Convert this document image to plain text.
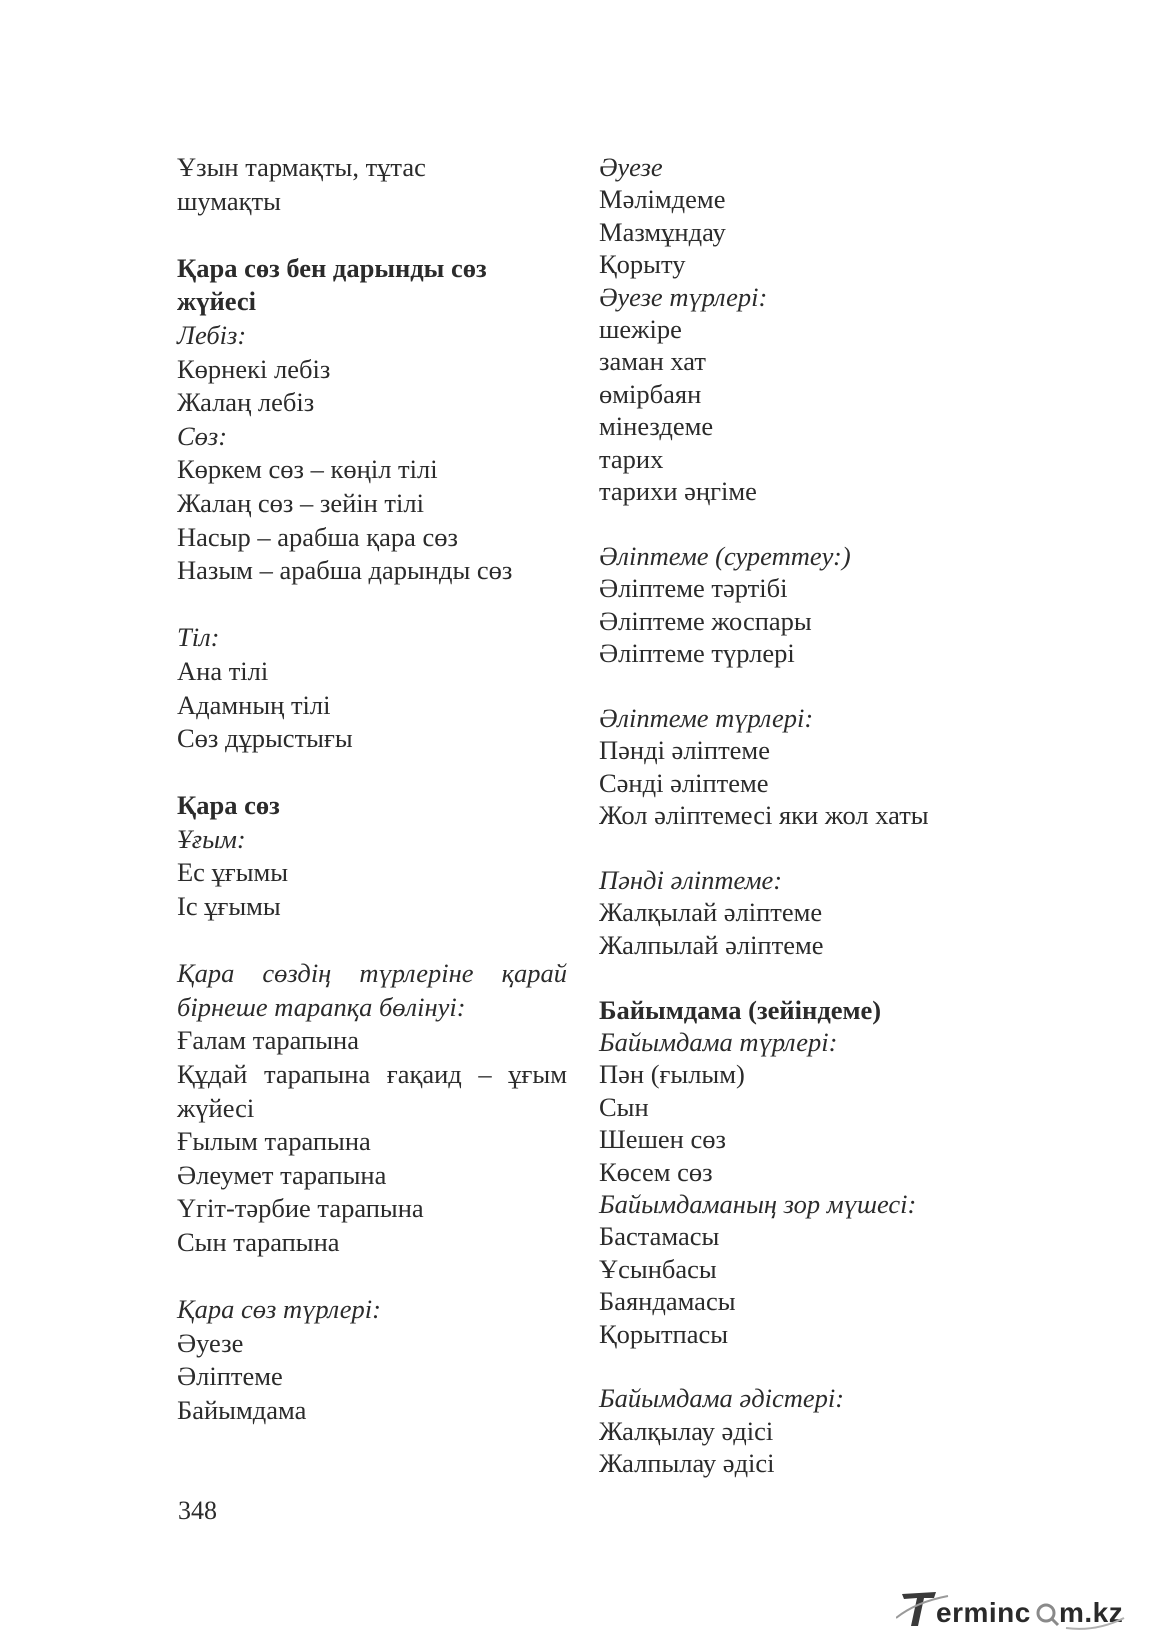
Ұзын тармақты, тұтас
шумақты
Қара сөз бен дарынды сөз
жүйесі
Лебіз:
Көрнекі лебіз
Жалаң лебіз
Сөз:
Көркем сөз – көңіл тілі
Жалаң сөз – зейін тілі
Насыр – арабша қара сөз
Назым – арабша дарынды сөз
Тіл:
Ана тілі
Адамның тілі
Сөз дұрыстығы
Қара сөз
Ұғым:
Ес ұғымы
Іс ұғымы
Қара сөздің түрлеріне қарай
бірнеше тарапқа бөлінуі:
Ғалам тарапына
Құдай тарапына ғақаид – ұғым
жүйесі
Ғылым тарапына
Әлеумет тарапына
Үгіт-тәрбие тарапына
Сын тарапына
Қара сөз түрлері:
Әуезе
Әліптеме
Байымдама
Әуезе
Мәлімдеме
Мазмұндау
Қорыту
Әуезе түрлері:
шежіре
заман хат
өмірбаян
мінездеме
тарих
тарихи әңгіме
Әліптеме (суреттеу:)
Әліптеме тәртібі
Әліптеме жоспары
Әліптеме түрлері
Әліптеме түрлері:
Пәнді әліптеме
Сәнді әліптеме
Жол әліптемесі яки жол хаты
Пәнді әліптеме:
Жалқылай әліптеме
Жалпылай әліптеме
Байымдама (зейіндеме)
Байымдама түрлері:
Пән (ғылым)
Сын
Шешен сөз
Көсем сөз
Байымдаманың зор мүшесі:
Бастамасы
Ұсынбасы
Баяндамасы
Қорытпасы
Байымдама әдістері:
Жалқылау әдісі
Жалпылау әдісі
348
erminc m.kz
